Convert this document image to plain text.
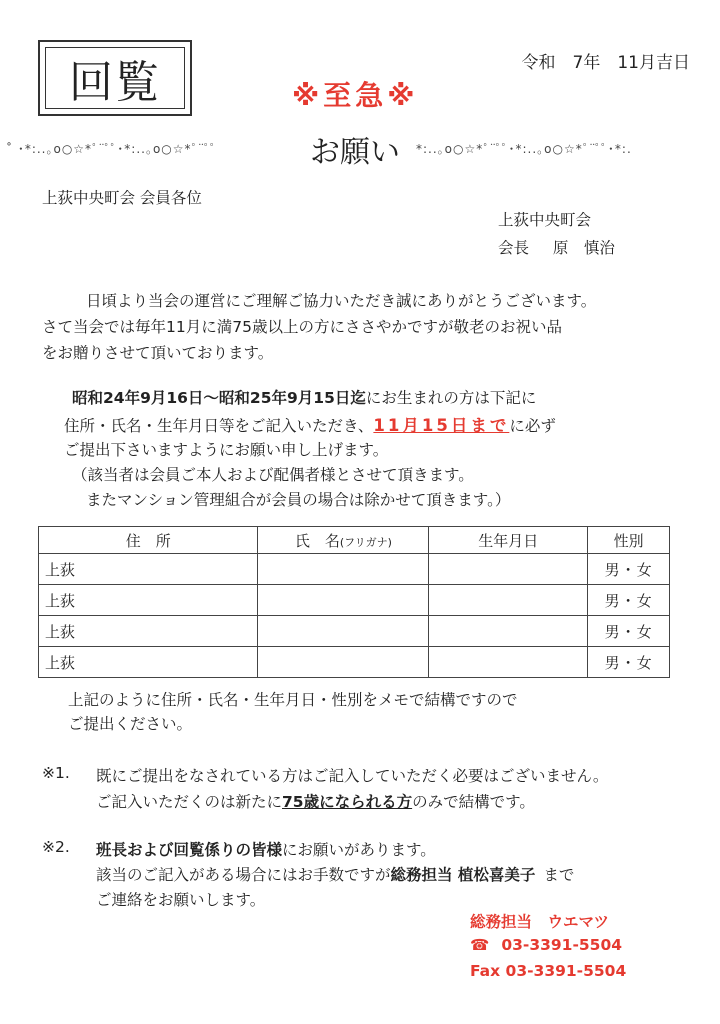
回覧	令和　7年　11月吉日
※至急※
˚ ･*:..｡o○☆*ﾟ¨ﾟﾟ･*:..｡o○☆*ﾟ¨ﾟﾟ	お願い *:..｡o○☆*ﾟ¨ﾟﾟ･*:..｡o○☆*ﾟ¨ﾟﾟ･*:.
上荻中央町会 会員各位
上荻中央町会
会長 原　慎治
日頃より当会の運営にご理解ご協力いただき誠にありがとうございます。
さて当会では毎年11月に満75歳以上の方にささやかですが敬老のお祝い品
をお贈りさせて頂いております。
昭和24年9月16日～昭和25年9月15日迄にお生まれの方は下記に
住所・氏名・生年月日等をご記入いただき、11月15日までに必ず
ご提出下さいますようにお願い申し上げます。
（該当者は会員ご本人および配偶者様とさせて頂きます。
またマンション管理組合が会員の場合は除かせて頂きます。）
住　所	氏　名(フリガナ)	生年月日	性別
上荻			男・女
上荻			男・女
上荻			男・女
上荻			男・女
上記のように住所・氏名・生年月日・性別をメモで結構ですので
ご提出ください。
※1. 既にご提出をなされている方はご記入していただく必要はございません。
ご記入いただくのは新たに75歳になられる方のみで結構です。
※2. 班長および回覧係りの皆様にお願いがあります。
該当のご記入がある場合にはお手数ですが総務担当 植松喜美子 まで
ご連絡をお願いします。
総務担当　ウエマツ
☎ 03-3391-5504
Fax 03-3391-5504
